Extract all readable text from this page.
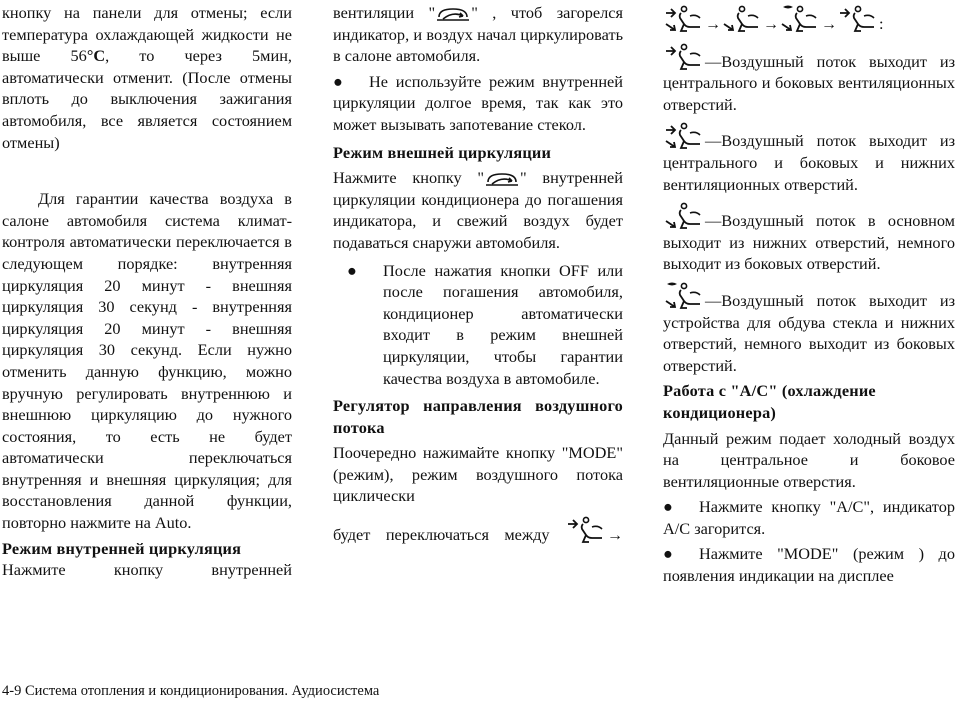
кнопку на панели для отмены; если температура охлаждающей жидкости не выше 56°C, то через 5мин, автоматически отменит. (После отмены вплоть до выключения зажигания автомобиля, все является состоянием отмены)

Для гарантии качества воздуха в салоне автомобиля система климат-контроля автоматически переключается в следующем порядке: внутренняя циркуляция 20 минут - внешняя циркуляция 30 секунд - внутренняя циркуляция 20 минут - внешняя циркуляция 30 секунд. Если нужно отменить данную функцию, можно вручную регулировать внутреннюю и внешнюю циркуляцию до нужного состояния, то есть не будет автоматически переключаться внутренняя и внешняя циркуляция; для восстановления данной функции, повторно нажмите на Auto.

Режим внутренней циркуляция

Нажмите кнопку внутренней

вентиляции " " , чтоб загорелся индикатор, и воздух начал циркулировать в салоне автомобиля.

● Не используйте режим внутренней циркуляции долгое время, так как это может вызывать запотевание стекол.

Режим внешней циркуляции

Нажмите кнопку " " внутренней циркуляции кондиционера до погашения индикатора, и свежий воздух будет подаваться снаружи автомобиля.

● После нажатия кнопки OFF или после погашения автомобиля, кондиционер автоматически входит в режим внешней циркуляции, чтобы гарантии качества воздуха в автомобиле.

Регулятор направления воздушного потока

Поочередно нажимайте кнопку "MODE" (режим), режим воздушного потока циклически

будет переключаться между	→

→	→	→	:

—Воздушный поток выходит из центрального и боковых вентиляционных отверстий.

—Воздушный поток выходит из центрального и боковых и нижних вентиляционных отверстий.

—Воздушный поток в основном выходит из нижних отверстий, немного выходит из боковых отверстий.

—Воздушный поток выходит из устройства для обдува стекла и нижних отверстий, немного выходит из боковых отверстий.

Работа с "A/C" (охлаждение кондиционера)

Данный режим подает холодный воздух на центральное и боковое вентиляционные отверстия.

● Нажмите кнопку "A/C", индикатор A/C загорится.

● Нажмите "MODE" (режим ) до появления индикации на дисплее

4-9 Система отопления и кондиционирования. Аудиосистема
